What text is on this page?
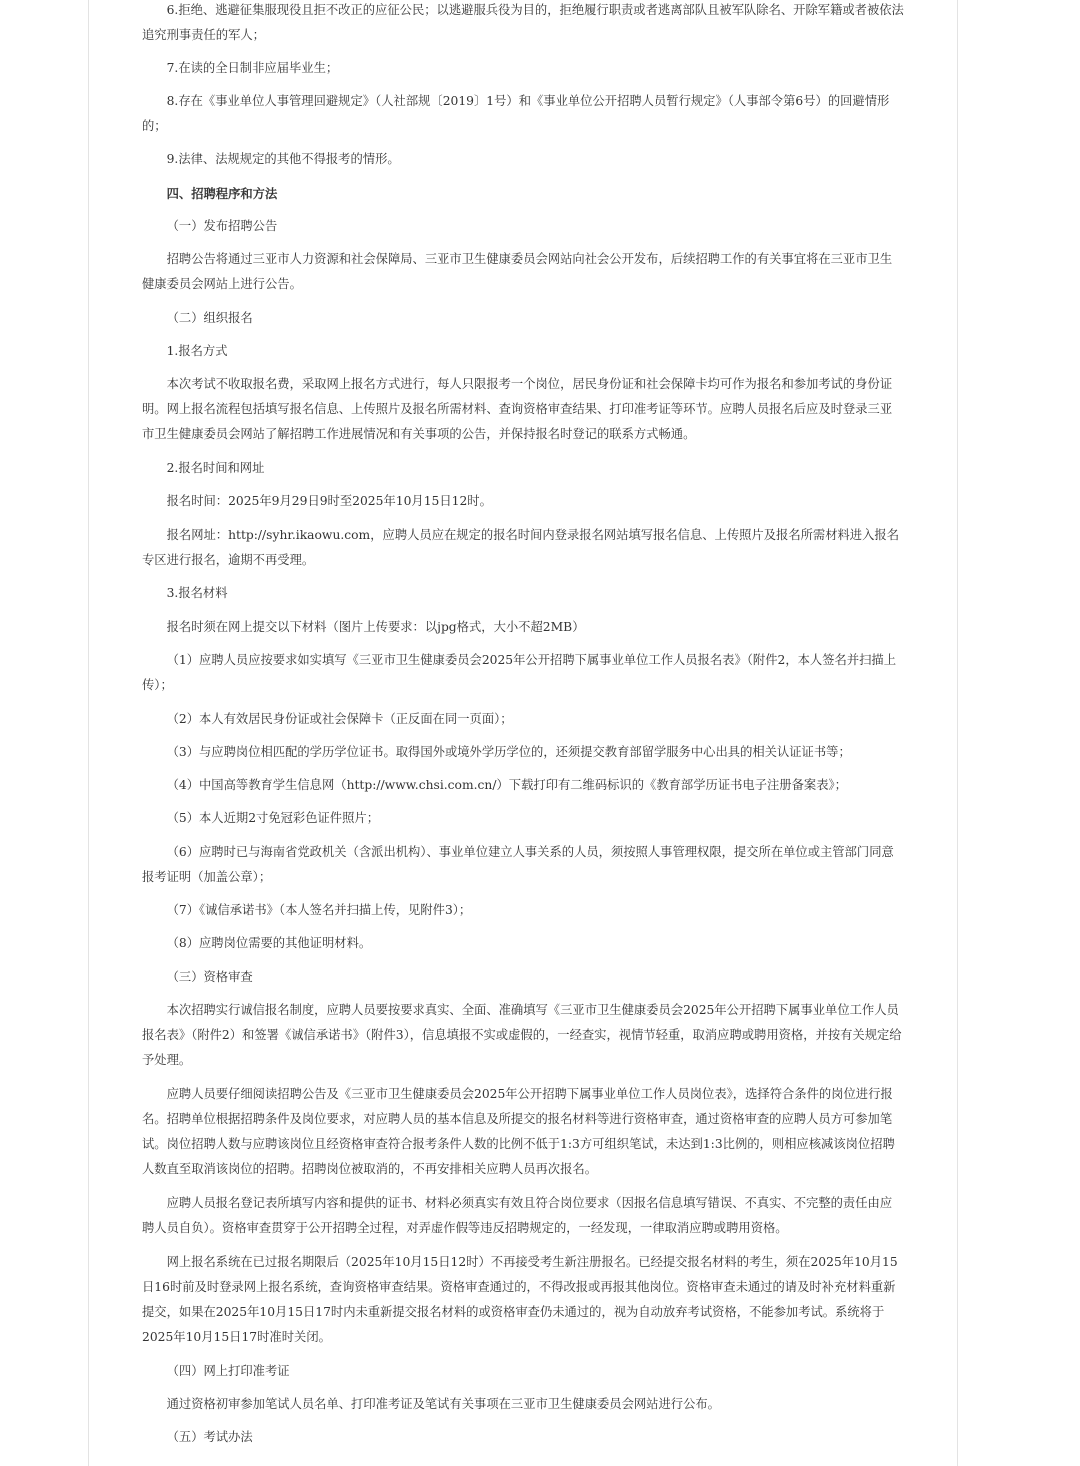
6.拒绝、逃避征集服现役且拒不改正的应征公民；以逃避服兵役为目的，拒绝履行职责或者逃离部队且被军队除名、开除军籍或者被依法追究刑事责任的军人；

7.在读的全日制非应届毕业生；

8.存在《事业单位人事管理回避规定》（人社部规〔2019〕1号）和《事业单位公开招聘人员暂行规定》（人事部令第6号）的回避情形的；

9.法律、法规规定的其他不得报考的情形。

四、招聘程序和方法

（一）发布招聘公告

招聘公告将通过三亚市人力资源和社会保障局、三亚市卫生健康委员会网站向社会公开发布，后续招聘工作的有关事宜将在三亚市卫生健康委员会网站上进行公告。

（二）组织报名

1.报名方式

本次考试不收取报名费，采取网上报名方式进行，每人只限报考一个岗位，居民身份证和社会保障卡均可作为报名和参加考试的身份证明。网上报名流程包括填写报名信息、上传照片及报名所需材料、查询资格审查结果、打印准考证等环节。应聘人员报名后应及时登录三亚市卫生健康委员会网站了解招聘工作进展情况和有关事项的公告，并保持报名时登记的联系方式畅通。

2.报名时间和网址

报名时间：2025年9月29日9时至2025年10月15日12时。

报名网址：http://syhr.ikaowu.com，应聘人员应在规定的报名时间内登录报名网站填写报名信息、上传照片及报名所需材料进入报名专区进行报名，逾期不再受理。

3.报名材料

报名时须在网上提交以下材料（图片上传要求：以jpg格式，大小不超2MB）

（1）应聘人员应按要求如实填写《三亚市卫生健康委员会2025年公开招聘下属事业单位工作人员报名表》（附件2，本人签名并扫描上传）；

（2）本人有效居民身份证或社会保障卡（正反面在同一页面）；

（3）与应聘岗位相匹配的学历学位证书。取得国外或境外学历学位的，还须提交教育部留学服务中心出具的相关认证证书等；

（4）中国高等教育学生信息网（http://www.chsi.com.cn/）下载打印有二维码标识的《教育部学历证书电子注册备案表》；

（5）本人近期2寸免冠彩色证件照片；

（6）应聘时已与海南省党政机关（含派出机构）、事业单位建立人事关系的人员，须按照人事管理权限，提交所在单位或主管部门同意报考证明（加盖公章）；

（7）《诚信承诺书》（本人签名并扫描上传，见附件3）；

（8）应聘岗位需要的其他证明材料。

（三）资格审查

本次招聘实行诚信报名制度，应聘人员要按要求真实、全面、准确填写《三亚市卫生健康委员会2025年公开招聘下属事业单位工作人员报名表》（附件2）和签署《诚信承诺书》（附件3），信息填报不实或虚假的，一经查实，视情节轻重，取消应聘或聘用资格，并按有关规定给予处理。

应聘人员要仔细阅读招聘公告及《三亚市卫生健康委员会2025年公开招聘下属事业单位工作人员岗位表》，选择符合条件的岗位进行报名。招聘单位根据招聘条件及岗位要求，对应聘人员的基本信息及所提交的报名材料等进行资格审查，通过资格审查的应聘人员方可参加笔试。岗位招聘人数与应聘该岗位且经资格审查符合报考条件人数的比例不低于1:3方可组织笔试，未达到1:3比例的，则相应核减该岗位招聘人数直至取消该岗位的招聘。招聘岗位被取消的，不再安排相关应聘人员再次报名。

应聘人员报名登记表所填写内容和提供的证书、材料必须真实有效且符合岗位要求（因报名信息填写错误、不真实、不完整的责任由应聘人员自负）。资格审查贯穿于公开招聘全过程，对弄虚作假等违反招聘规定的，一经发现，一律取消应聘或聘用资格。

网上报名系统在已过报名期限后（2025年10月15日12时）不再接受考生新注册报名。已经提交报名材料的考生，须在2025年10月15日16时前及时登录网上报名系统，查询资格审查结果。资格审查通过的，不得改报或再报其他岗位。资格审查未通过的请及时补充材料重新提交，如果在2025年10月15日17时内未重新提交报名材料的或资格审查仍未通过的，视为自动放弃考试资格，不能参加考试。系统将于2025年10月15日17时准时关闭。

（四）网上打印准考证

通过资格初审参加笔试人员名单、打印准考证及笔试有关事项在三亚市卫生健康委员会网站进行公布。

（五）考试办法
